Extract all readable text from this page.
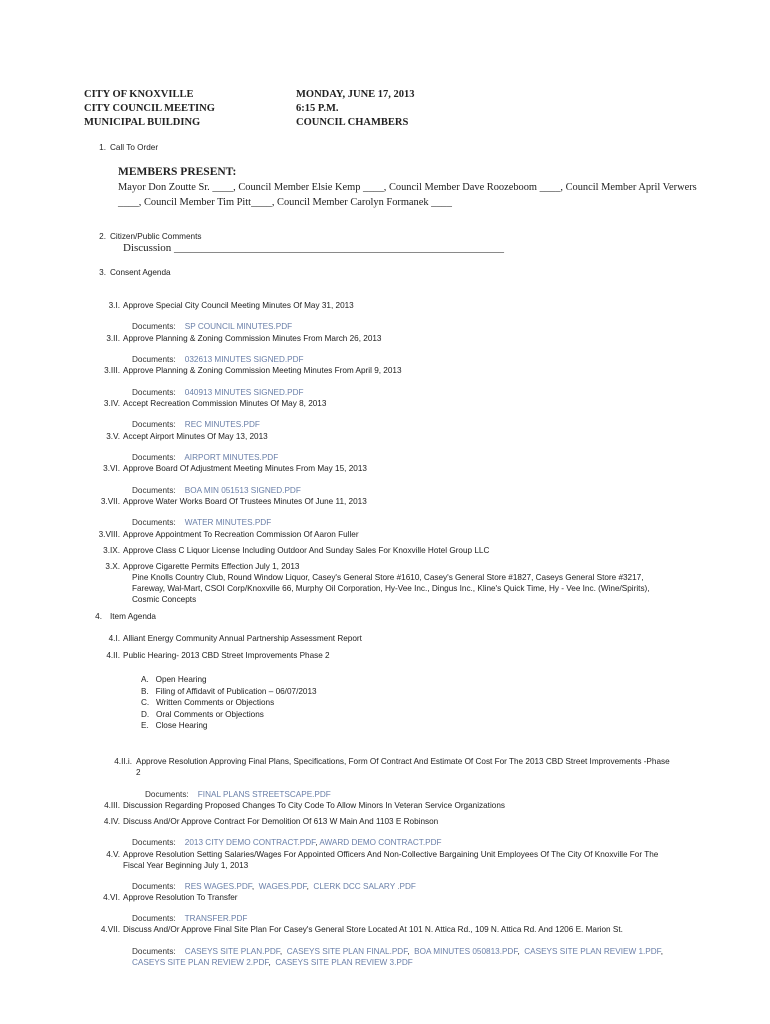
CITY OF KNOXVILLE
CITY COUNCIL MEETING
MUNICIPAL BUILDING
MONDAY, JUNE 17, 2013
6:15 P.M.
COUNCIL CHAMBERS
1. Call To Order
MEMBERS PRESENT:
Mayor Don Zoutte Sr. ____, Council Member Elsie Kemp ____, Council Member Dave Roozeboom ____, Council Member April Verwers
____, Council Member Tim Pitt____, Council Member Carolyn Formanek ____
2. Citizen/Public Comments
Discussion ____________________________________________________________
3. Consent Agenda
3.I. Approve Special City Council Meeting Minutes Of May 31, 2013
Documents: SP COUNCIL MINUTES.PDF
3.II. Approve Planning & Zoning Commission Minutes From March 26, 2013
Documents: 032613 MINUTES SIGNED.PDF
3.III. Approve Planning & Zoning Commission Meeting Minutes From April 9, 2013
Documents: 040913 MINUTES SIGNED.PDF
3.IV. Accept Recreation Commission Minutes Of May 8, 2013
Documents: REC MINUTES.PDF
3.V. Accept Airport Minutes Of May 13, 2013
Documents: AIRPORT MINUTES.PDF
3.VI. Approve Board Of Adjustment Meeting Minutes From May 15, 2013
Documents: BOA MIN 051513 SIGNED.PDF
3.VII. Approve Water Works Board Of Trustees Minutes Of June 11, 2013
Documents: WATER MINUTES.PDF
3.VIII. Approve Appointment To Recreation Commission Of Aaron Fuller
3.IX. Approve Class C Liquor License Including Outdoor And Sunday Sales For Knoxville Hotel Group LLC
3.X. Approve Cigarette Permits Effection July 1, 2013
Pine Knolls Country Club, Round Window Liquor, Casey's General Store #1610, Casey's General Store #1827, Caseys General Store #3217,
Fareway, Wal-Mart, CSOI Corp/Knoxville 66, Murphy Oil Corporation, Hy-Vee Inc., Dingus Inc., Kline's Quick Time, Hy - Vee Inc. (Wine/Spirits),
Cosmic Concepts
4. Item Agenda
4.I. Alliant Energy Community Annual Partnership Assessment Report
4.II. Public Hearing- 2013 CBD Street Improvements Phase 2
A. Open Hearing
B. Filing of Affidavit of Publication – 06/07/2013
C. Written Comments or Objections
D. Oral Comments or Objections
E. Close Hearing
4.II.i. Approve Resolution Approving Final Plans, Specifications, Form Of Contract And Estimate Of Cost For The 2013 CBD Street Improvements -Phase
2
Documents: FINAL PLANS STREETSCAPE.PDF
4.III. Discussion Regarding Proposed Changes To City Code To Allow Minors In Veteran Service Organizations
4.IV. Discuss And/Or Approve Contract For Demolition Of 613 W Main And 1103 E Robinson
Documents: 2013 CITY DEMO CONTRACT.PDF, AWARD DEMO CONTRACT.PDF
4.V. Approve Resolution Setting Salaries/Wages For Appointed Officers And Non-Collective Bargaining Unit Employees Of The City Of Knoxville For The
Fiscal Year Beginning July 1, 2013
Documents: RES WAGES.PDF,  WAGES.PDF,  CLERK DCC SALARY .PDF
4.VI. Approve Resolution To Transfer
Documents: TRANSFER.PDF
4.VII. Discuss And/Or Approve Final Site Plan For Casey's General Store Located At 101 N. Attica Rd., 109 N. Attica Rd. And 1206 E. Marion St.
Documents: CASEYS SITE PLAN.PDF,  CASEYS SITE PLAN FINAL.PDF,  BOA MINUTES 050813.PDF,  CASEYS SITE PLAN REVIEW 1.PDF,
CASEYS SITE PLAN REVIEW 2.PDF,  CASEYS SITE PLAN REVIEW 3.PDF
